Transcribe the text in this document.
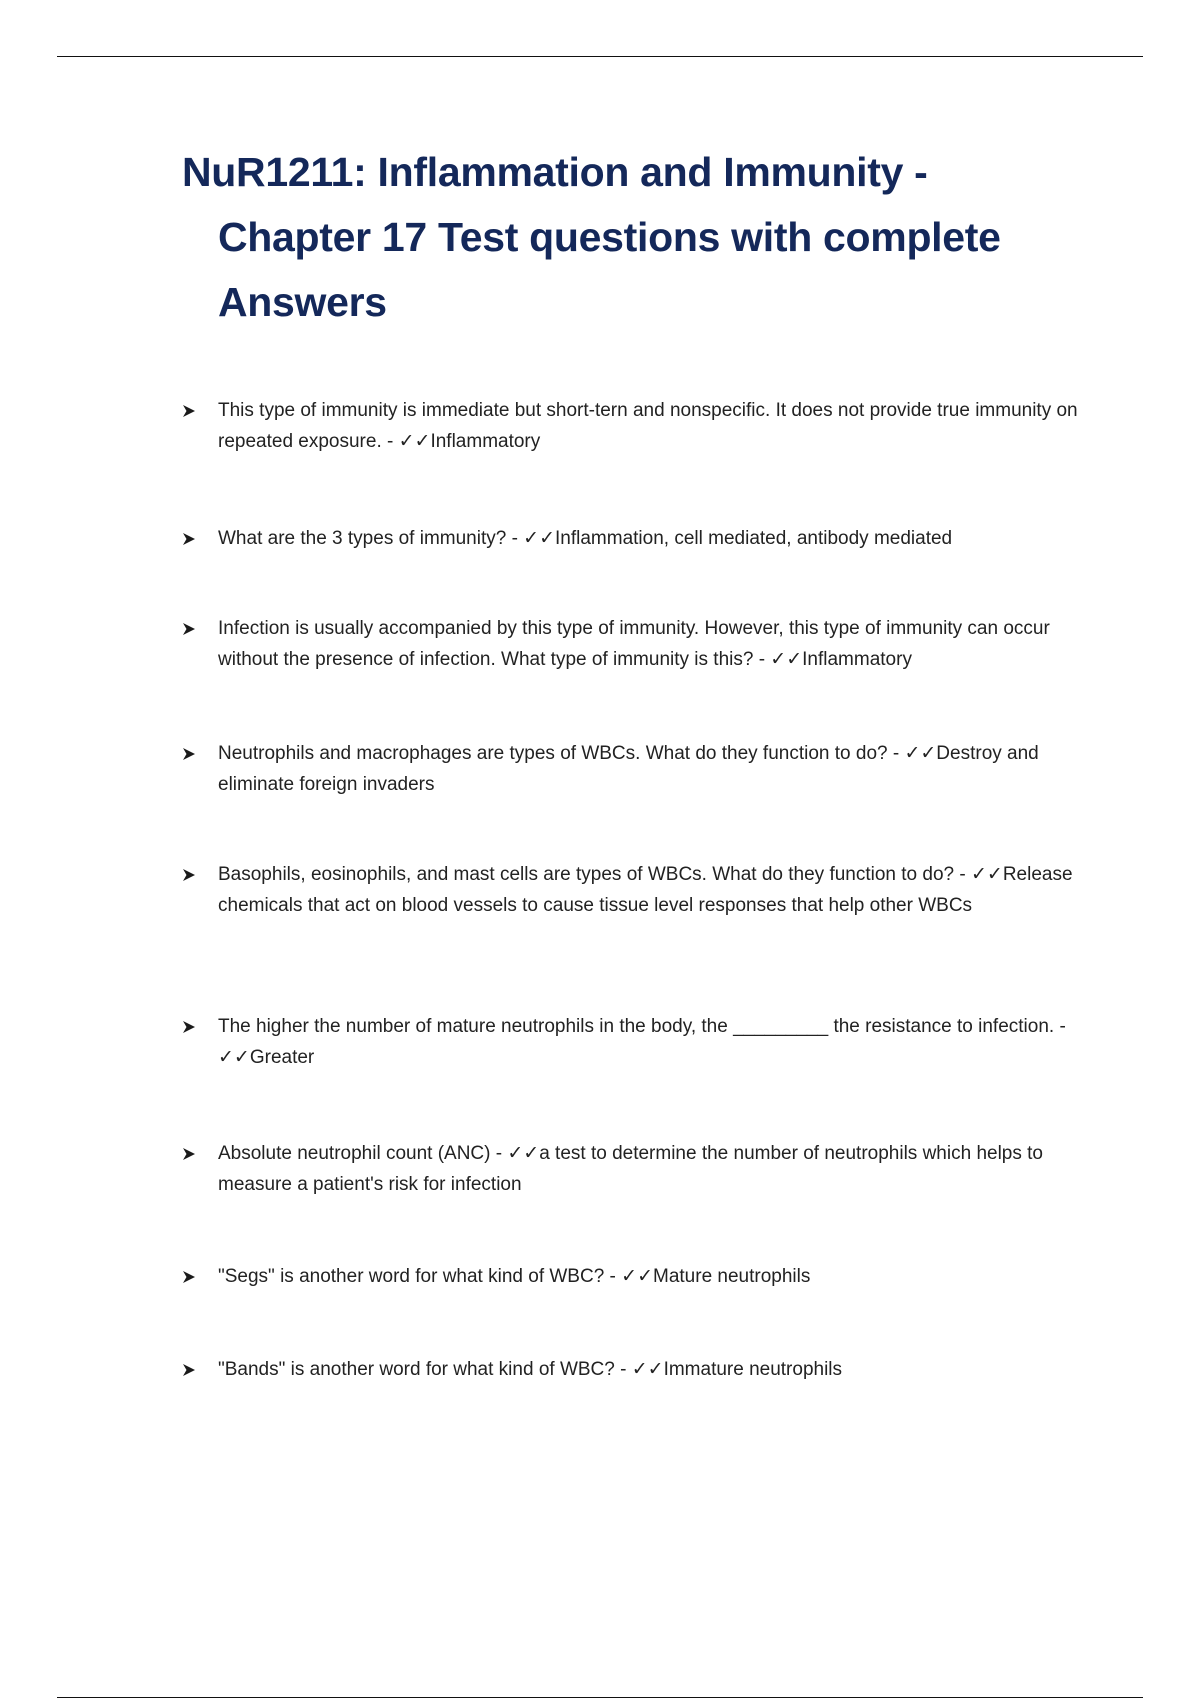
NuR1211: Inflammation and Immunity -
Chapter 17 Test questions with complete
Answers
This type of immunity is immediate but short-tern and nonspecific. It does not provide true immunity on repeated exposure. - ✓✓Inflammatory
What are the 3 types of immunity? - ✓✓Inflammation, cell mediated, antibody mediated
Infection is usually accompanied by this type of immunity. However, this type of immunity can occur without the presence of infection. What type of immunity is this? - ✓✓Inflammatory
Neutrophils and macrophages are types of WBCs. What do they function to do? - ✓✓Destroy and eliminate foreign invaders
Basophils, eosinophils, and mast cells are types of WBCs. What do they function to do? - ✓✓Release chemicals that act on blood vessels to cause tissue level responses that help other WBCs
The higher the number of mature neutrophils in the body, the _________ the resistance to infection. - ✓✓Greater
Absolute neutrophil count (ANC) - ✓✓a test to determine the number of neutrophils which helps to measure a patient's risk for infection
"Segs" is another word for what kind of WBC? - ✓✓Mature neutrophils
"Bands" is another word for what kind of WBC? - ✓✓Immature neutrophils
